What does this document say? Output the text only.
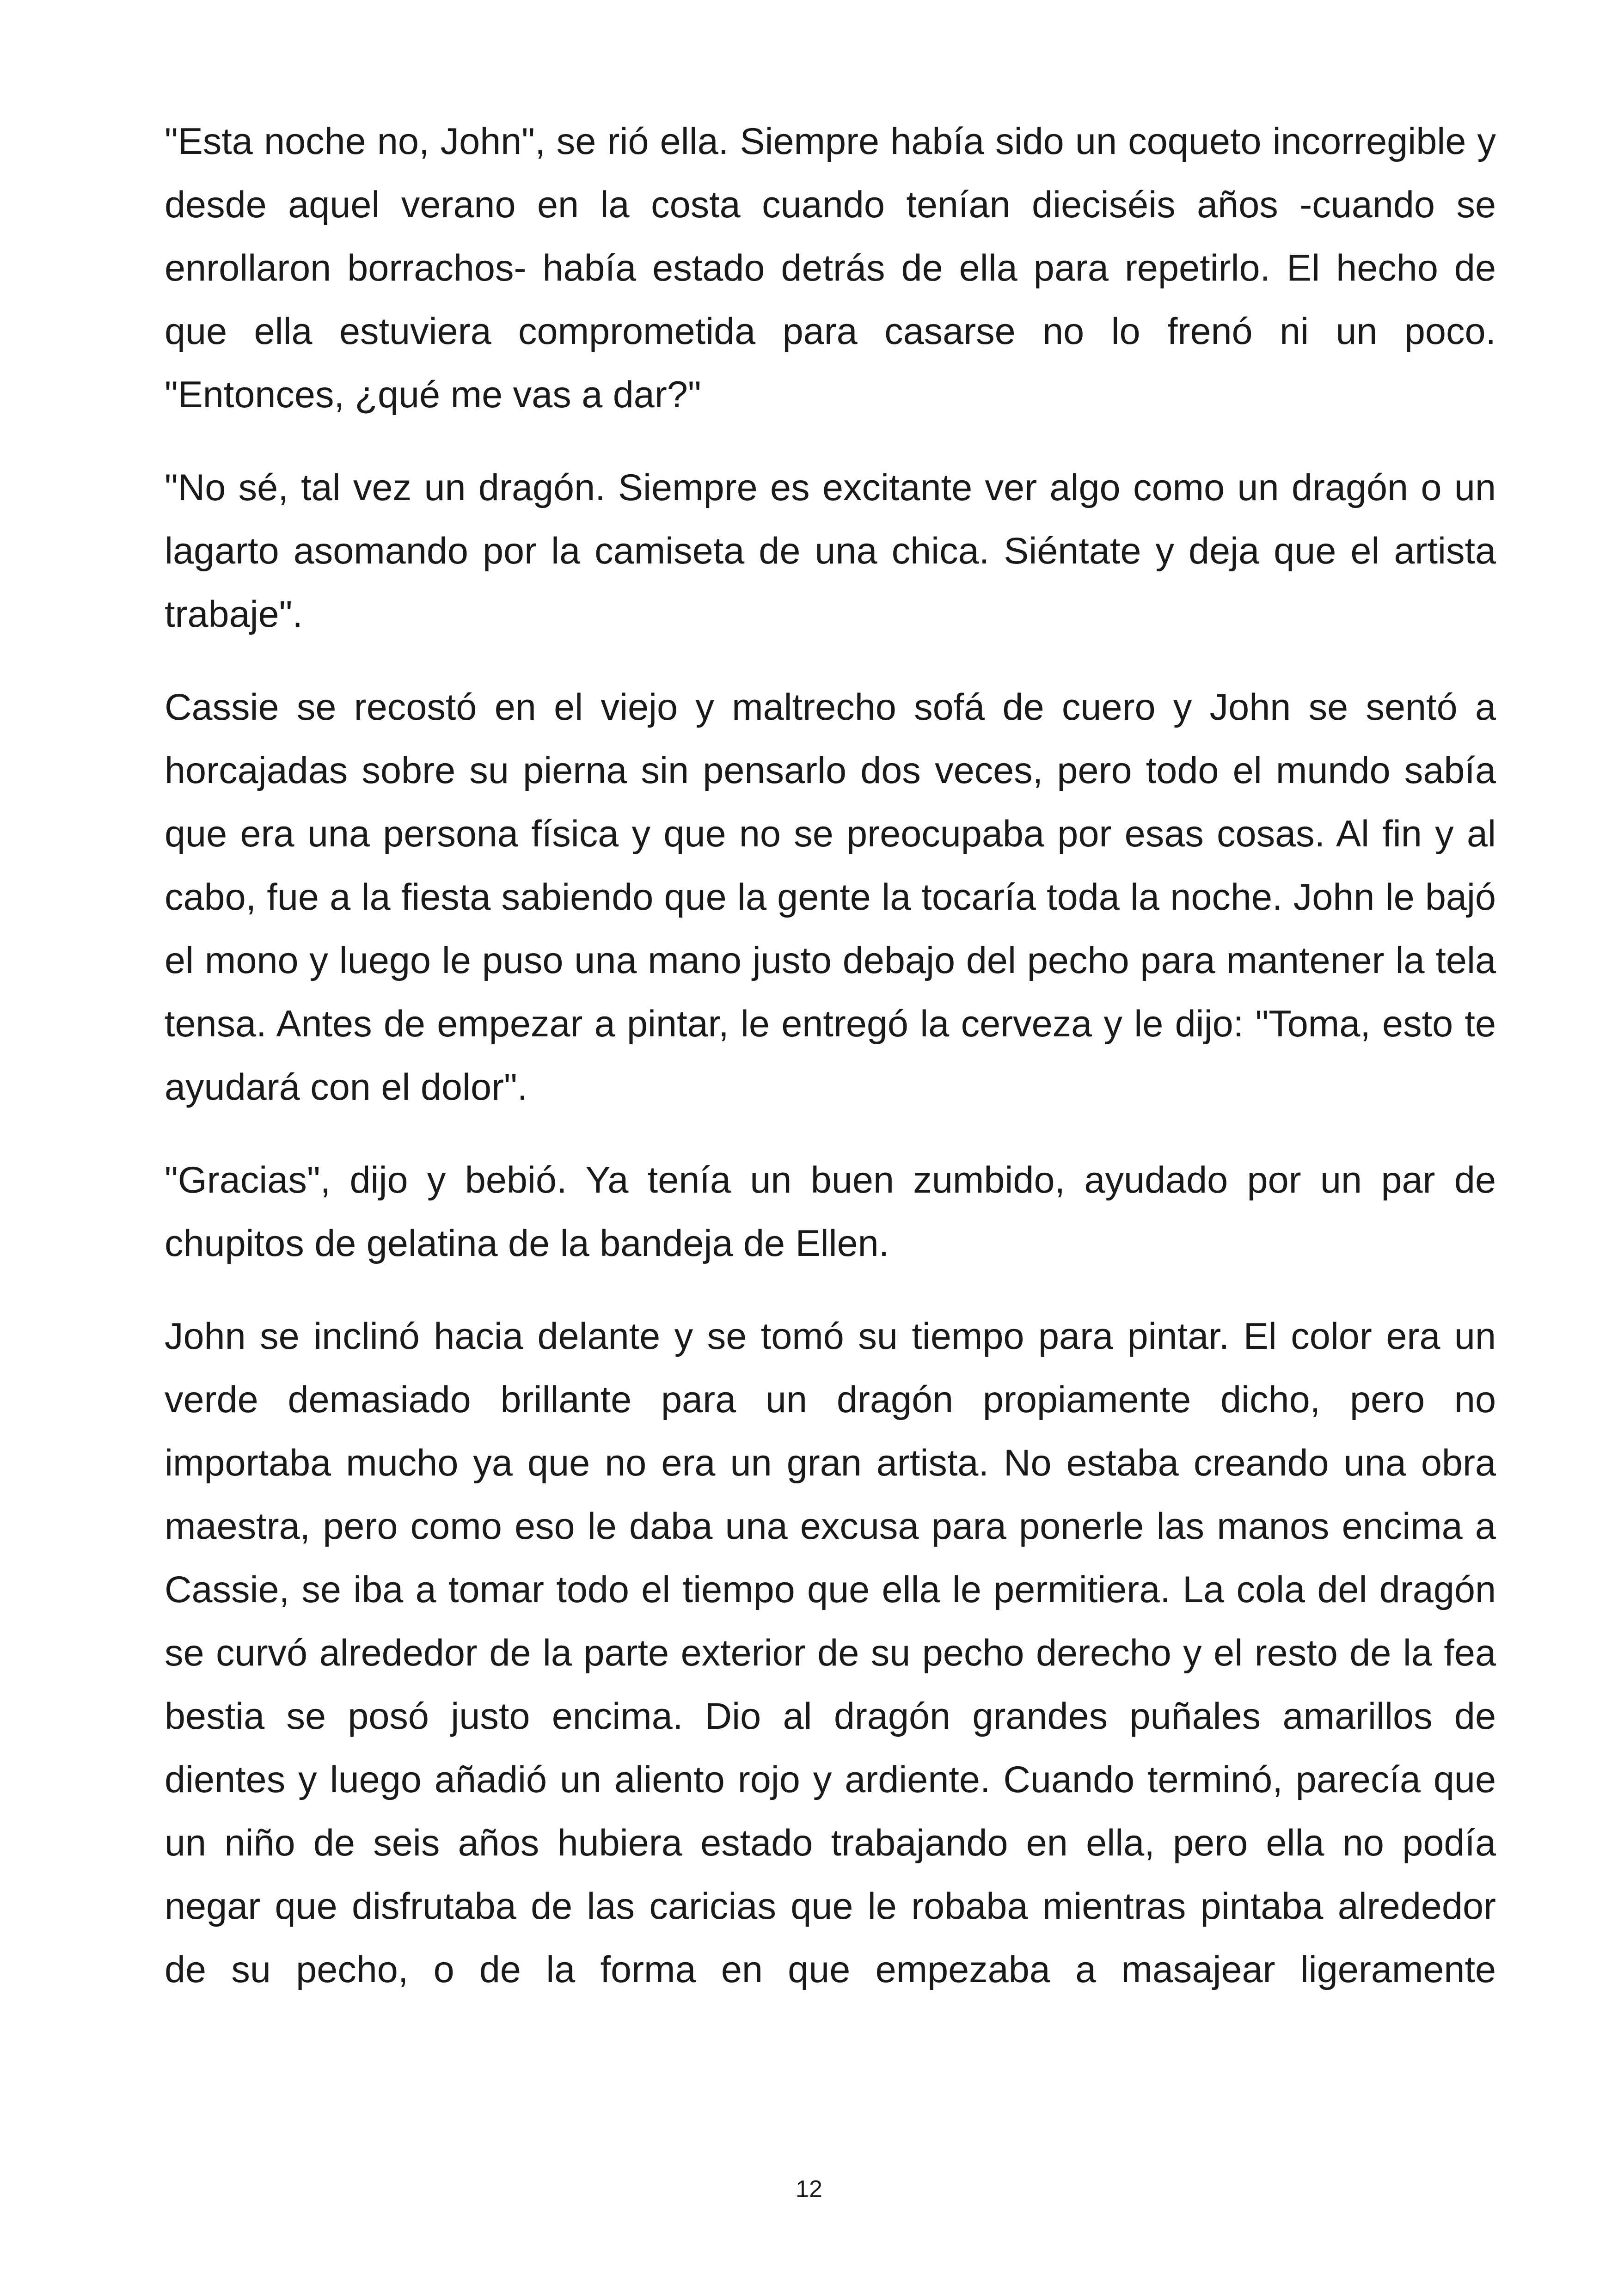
"Esta noche no, John", se rió ella. Siempre había sido un coqueto incorregible y desde aquel verano en la costa cuando tenían dieciséis años -cuando se enrollaron borrachos- había estado detrás de ella para repetirlo. El hecho de que ella estuviera comprometida para casarse no lo frenó ni un poco. "Entonces, ¿qué me vas a dar?"

"No sé, tal vez un dragón. Siempre es excitante ver algo como un dragón o un lagarto asomando por la camiseta de una chica. Siéntate y deja que el artista trabaje".

Cassie se recostó en el viejo y maltrecho sofá de cuero y John se sentó a horcajadas sobre su pierna sin pensarlo dos veces, pero todo el mundo sabía que era una persona física y que no se preocupaba por esas cosas. Al fin y al cabo, fue a la fiesta sabiendo que la gente la tocaría toda la noche. John le bajó el mono y luego le puso una mano justo debajo del pecho para mantener la tela tensa. Antes de empezar a pintar, le entregó la cerveza y le dijo: "Toma, esto te ayudará con el dolor".

"Gracias", dijo y bebió. Ya tenía un buen zumbido, ayudado por un par de chupitos de gelatina de la bandeja de Ellen.

John se inclinó hacia delante y se tomó su tiempo para pintar. El color era un verde demasiado brillante para un dragón propiamente dicho, pero no importaba mucho ya que no era un gran artista. No estaba creando una obra maestra, pero como eso le daba una excusa para ponerle las manos encima a Cassie, se iba a tomar todo el tiempo que ella le permitiera. La cola del dragón se curvó alrededor de la parte exterior de su pecho derecho y el resto de la fea bestia se posó justo encima. Dio al dragón grandes puñales amarillos de dientes y luego añadió un aliento rojo y ardiente. Cuando terminó, parecía que un niño de seis años hubiera estado trabajando en ella, pero ella no podía negar que disfrutaba de las caricias que le robaba mientras pintaba alrededor de su pecho, o de la forma en que empezaba a masajear ligeramente

12
